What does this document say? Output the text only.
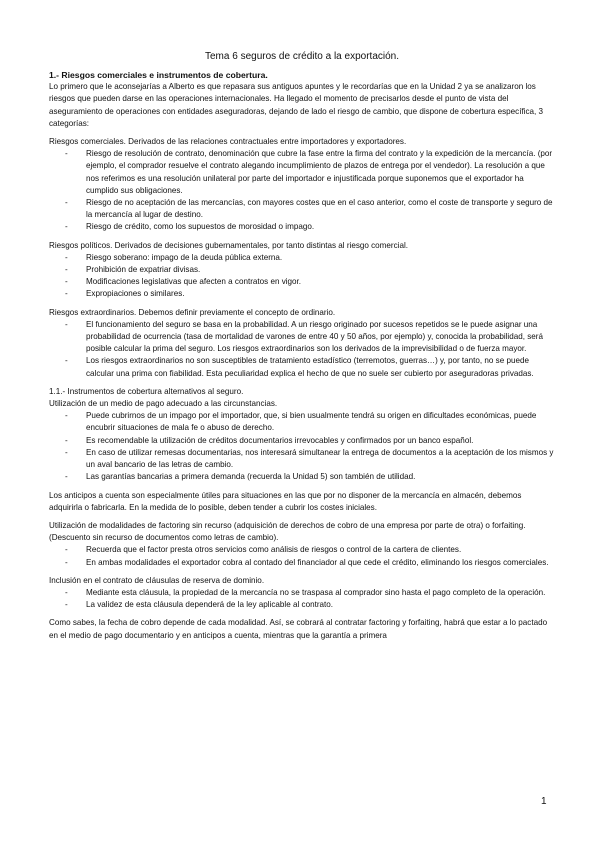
Tema 6 seguros de crédito a la exportación.

1.- Riesgos comerciales e instrumentos de cobertura.

Lo primero que le aconsejarías a Alberto es que repasara sus antiguos apuntes y le recordarías que en la Unidad 2 ya se analizaron los riesgos que pueden darse en las operaciones internacionales. Ha llegado el momento de precisarlos desde el punto de vista del aseguramiento de operaciones con entidades aseguradoras, dejando de lado el riesgo de cambio, que dispone de cobertura específica, 3 categorías:

Riesgos comerciales. Derivados de las relaciones contractuales entre importadores y exportadores.

- Riesgo de resolución de contrato, denominación que cubre la fase entre la firma del contrato y la expedición de la mercancía. (por ejemplo, el comprador resuelve el contrato alegando incumplimiento de plazos de entrega por el vendedor). La resolución a que nos referimos es una resolución unilateral por parte del importador e injustificada porque suponemos que el exportador ha cumplido sus obligaciones.
- Riesgo de no aceptación de las mercancías, con mayores costes que en el caso anterior, como el coste de transporte y seguro de la mercancía al lugar de destino.
- Riesgo de crédito, como los supuestos de morosidad o impago.

Riesgos políticos. Derivados de decisiones gubernamentales, por tanto distintas al riesgo comercial.

- Riesgo soberano: impago de la deuda pública externa.
- Prohibición de expatriar divisas.
- Modificaciones legislativas que afecten a contratos en vigor.
- Expropiaciones o similares.

Riesgos extraordinarios. Debemos definir previamente el concepto de ordinario.

- El funcionamiento del seguro se basa en la probabilidad. A un riesgo originado por sucesos repetidos se le puede asignar una probabilidad de ocurrencia (tasa de mortalidad de varones de entre 40 y 50 años, por ejemplo) y, conocida la probabilidad, será posible calcular la prima del seguro. Los riesgos extraordinarios son los derivados de la imprevisibilidad o de fuerza mayor.
- Los riesgos extraordinarios no son susceptibles de tratamiento estadístico (terremotos, guerras…) y, por tanto, no se puede calcular una prima con fiabilidad. Esta peculiaridad explica el hecho de que no suele ser cubierto por aseguradoras privadas.

1.1.- Instrumentos de cobertura alternativos al seguro.

Utilización de un medio de pago adecuado a las circunstancias.

- Puede cubrirnos de un impago por el importador, que, si bien usualmente tendrá su origen en dificultades económicas, puede encubrir situaciones de mala fe o abuso de derecho.
- Es recomendable la utilización de créditos documentarios irrevocables y confirmados por un banco español.
- En caso de utilizar remesas documentarias, nos interesará simultanear la entrega de documentos a la aceptación de los mismos y un aval bancario de las letras de cambio.
- Las garantías bancarias a primera demanda (recuerda la Unidad 5) son también de utilidad.

Los anticipos a cuenta son especialmente útiles para situaciones en las que por no disponer de la mercancía en almacén, debemos adquirirla o fabricarla. En la medida de lo posible, deben tender a cubrir los costes iniciales.

Utilización de modalidades de factoring sin recurso (adquisición de derechos de cobro de una empresa por parte de otra) o forfaiting.(Descuento sin recurso de documentos como letras de cambio).

- Recuerda que el factor presta otros servicios como análisis de riesgos o control de la cartera de clientes.
- En ambas modalidades el exportador cobra al contado del financiador al que cede el crédito, eliminando los riesgos comerciales.

Inclusión en el contrato de cláusulas de reserva de dominio.

- Mediante esta cláusula, la propiedad de la mercancía no se traspasa al comprador sino hasta el pago completo de la operación.
- La validez de esta cláusula dependerá de la ley aplicable al contrato.

Como sabes, la fecha de cobro depende de cada modalidad. Así, se cobrará al contratar factoring y forfaiting, habrá que estar a lo pactado en el medio de pago documentario y en anticipos a cuenta, mientras que la garantía a primera

1
